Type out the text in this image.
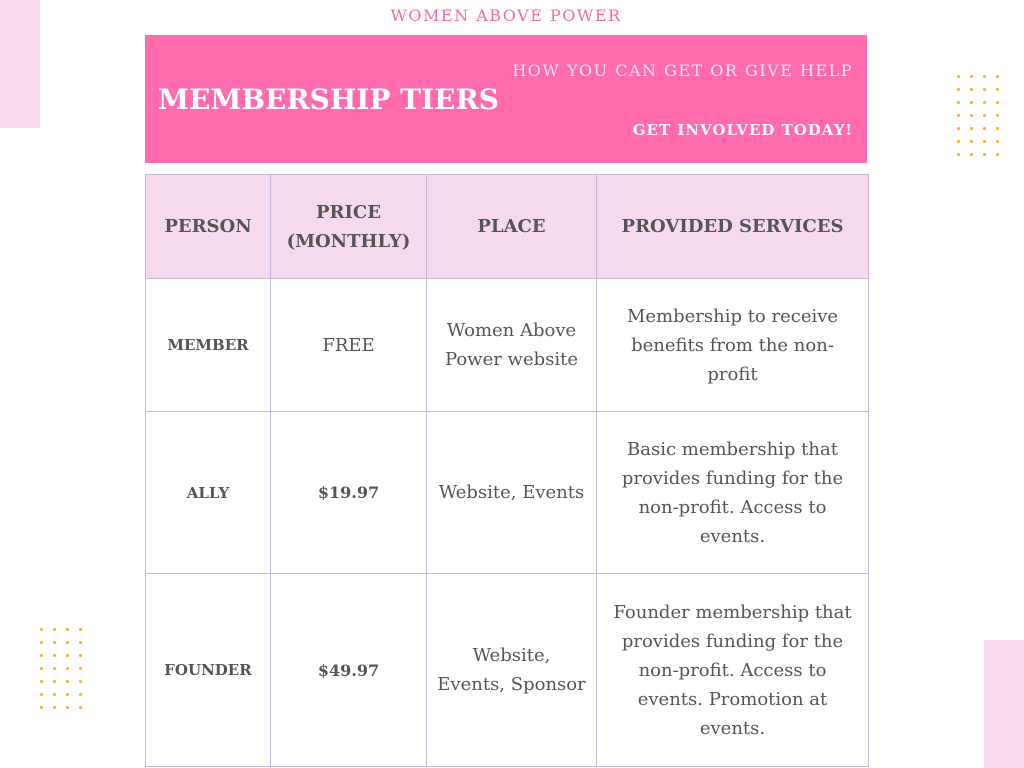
WOMEN ABOVE POWER
MEMBERSHIP TIERS
HOW YOU CAN GET OR GIVE HELP
GET INVOLVED TODAY!
PERSON	PRICE (MONTHLY)	PLACE	PROVIDED SERVICES
MEMBER	FREE	Women Above Power website	Membership to receive benefits from the non-profit
ALLY	$19.97	Website, Events	Basic membership that provides funding for the non-profit. Access to events.
FOUNDER	$49.97	Website, Events, Sponsor	Founder membership that provides funding for the non-profit. Access to events. Promotion at events.
